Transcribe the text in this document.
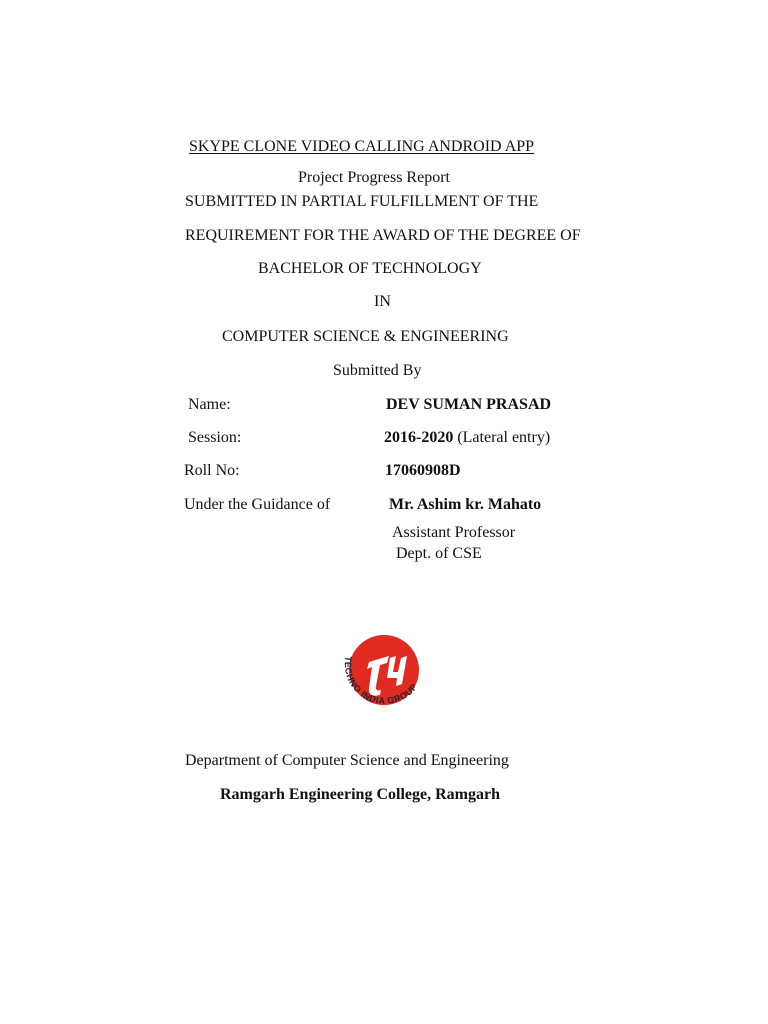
SKYPE CLONE VIDEO CALLING ANDROID APP
Project Progress Report
SUBMITTED IN PARTIAL FULFILLMENT OF THE
REQUIREMENT FOR THE AWARD OF THE DEGREE OF
BACHELOR OF TECHNOLOGY
IN
COMPUTER SCIENCE & ENGINEERING
Submitted By
Name:	DEV SUMAN PRASAD
Session:	2016-2020 (Lateral entry)
Roll No:	17060908D
Under the Guidance of	Mr. Ashim kr. Mahato
Assistant Professor
Dept. of CSE
TECHNO INDIA GROUP
Department of Computer Science and Engineering
Ramgarh Engineering College, Ramgarh
